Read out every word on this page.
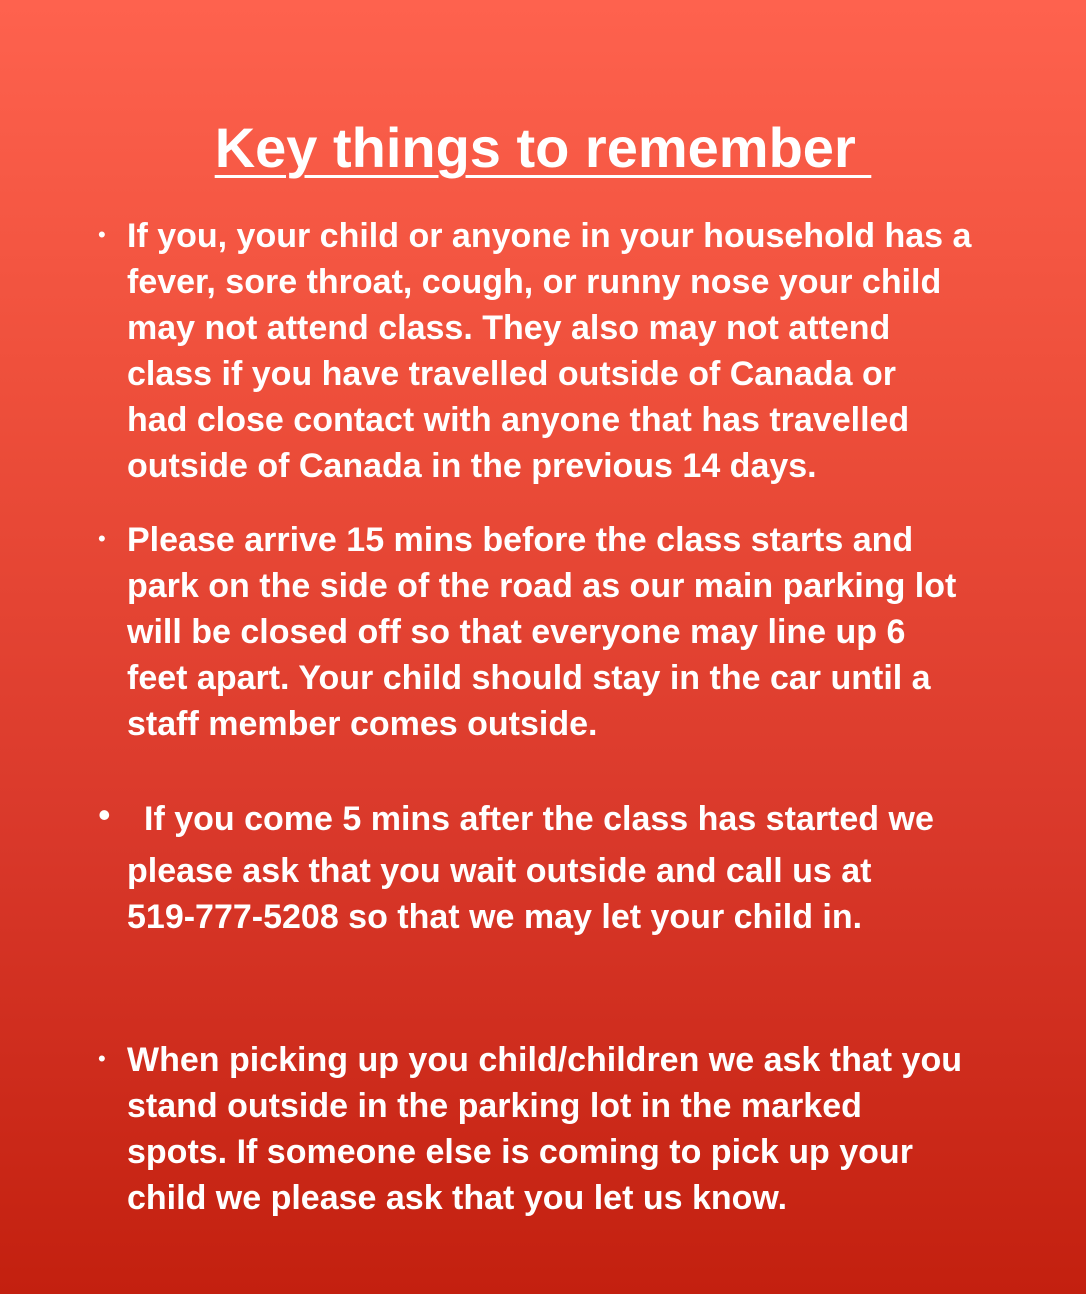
Key things to remember
• If you, your child or anyone in your household has a
fever, sore throat, cough, or runny nose your child
may not attend class. They also may not attend
class if you have travelled outside of Canada or
had close contact with anyone that has travelled
outside of Canada in the previous 14 days.

• Please arrive 15 mins before the class starts and
park on the side of the road as our main parking lot
will be closed off so that everyone may line up 6
feet apart. Your child should stay in the car until a
staff member comes outside.

• If you come 5 mins after the class has started we
please ask that you wait outside and call us at
519-777-5208 so that we may let your child in.

• When picking up you child/children we ask that you
stand outside in the parking lot in the marked
spots. If someone else is coming to pick up your
child we please ask that you let us know.
